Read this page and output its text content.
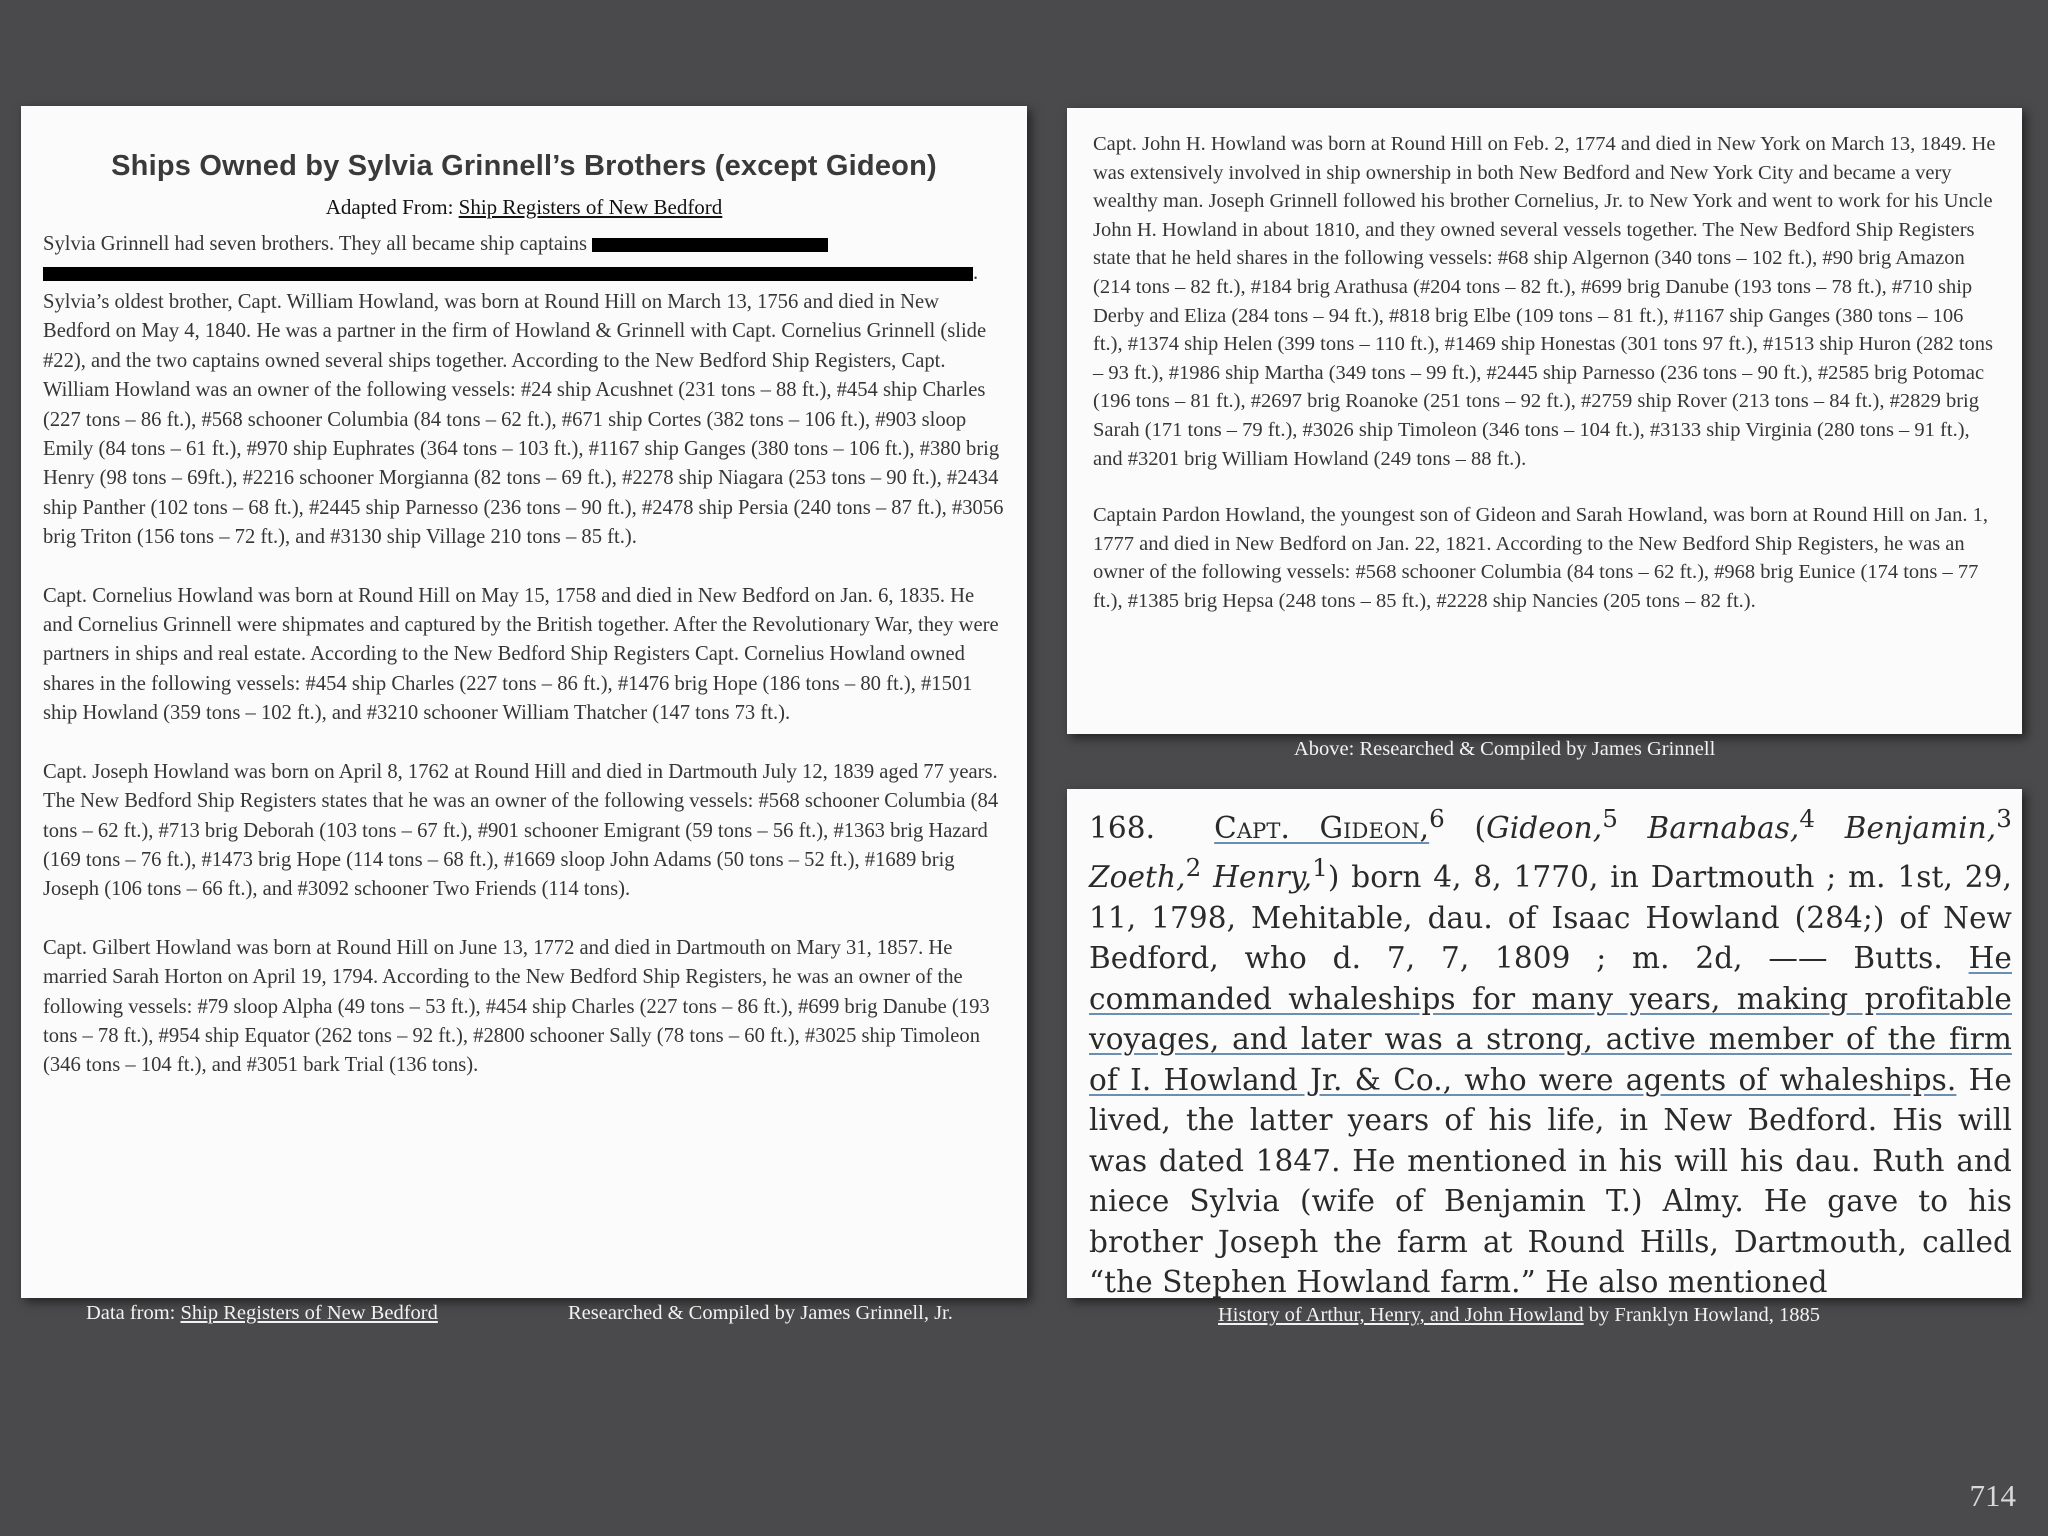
Ships Owned by Sylvia Grinnell’s Brothers (except Gideon)
Adapted From: Ship Registers of New Bedford
Sylvia Grinnell had seven brothers. They all became ship captains
.
Sylvia’s oldest brother, Capt. William Howland, was born at Round Hill on March 13, 1756 and died in New Bedford on May 4, 1840. He was a partner in the firm of Howland & Grinnell with Capt. Cornelius Grinnell (slide #22), and the two captains owned several ships together. According to the New Bedford Ship Registers, Capt. William Howland was an owner of the following vessels: #24 ship Acushnet (231 tons – 88 ft.), #454 ship Charles (227 tons – 86 ft.), #568 schooner Columbia (84 tons – 62 ft.), #671 ship Cortes (382 tons – 106 ft.), #903 sloop Emily (84 tons – 61 ft.), #970 ship Euphrates (364 tons – 103 ft.), #1167 ship Ganges (380 tons – 106 ft.), #380 brig Henry (98 tons – 69ft.), #2216 schooner Morgianna (82 tons – 69 ft.), #2278 ship Niagara (253 tons – 90 ft.), #2434 ship Panther (102 tons – 68 ft.), #2445 ship Parnesso (236 tons – 90 ft.), #2478 ship Persia (240 tons – 87 ft.), #3056 brig Triton (156 tons – 72 ft.), and #3130 ship Village 210 tons – 85 ft.).
Capt. Cornelius Howland was born at Round Hill on May 15, 1758 and died in New Bedford on Jan. 6, 1835. He and Cornelius Grinnell were shipmates and captured by the British together. After the Revolutionary War, they were partners in ships and real estate. According to the New Bedford Ship Registers Capt. Cornelius Howland owned shares in the following vessels: #454 ship Charles (227 tons – 86 ft.), #1476 brig Hope (186 tons – 80 ft.), #1501 ship Howland (359 tons – 102 ft.), and #3210 schooner William Thatcher (147 tons 73 ft.).
Capt. Joseph Howland was born on April 8, 1762 at Round Hill and died in Dartmouth July 12, 1839 aged 77 years. The New Bedford Ship Registers states that he was an owner of the following vessels: #568 schooner Columbia (84 tons – 62 ft.), #713 brig Deborah (103 tons – 67 ft.), #901 schooner Emigrant (59 tons – 56 ft.), #1363 brig Hazard (169 tons – 76 ft.), #1473 brig Hope (114 tons – 68 ft.), #1669 sloop John Adams (50 tons – 52 ft.), #1689 brig Joseph (106 tons – 66 ft.), and #3092 schooner Two Friends (114 tons).
Capt. Gilbert Howland was born at Round Hill on June 13, 1772 and died in Dartmouth on Mary 31, 1857. He married Sarah Horton on April 19, 1794. According to the New Bedford Ship Registers, he was an owner of the following vessels: #79 sloop Alpha (49 tons – 53 ft.), #454 ship Charles (227 tons – 86 ft.), #699 brig Danube (193 tons – 78 ft.), #954 ship Equator (262 tons – 92 ft.), #2800 schooner Sally (78 tons – 60 ft.), #3025 ship Timoleon (346 tons – 104 ft.), and #3051 bark Trial (136 tons).
Capt. John H. Howland was born at Round Hill on Feb. 2, 1774 and died in New York on March 13, 1849. He was extensively involved in ship ownership in both New Bedford and New York City and became a very wealthy man. Joseph Grinnell followed his brother Cornelius, Jr. to New York and went to work for his Uncle John H. Howland in about 1810, and they owned several vessels together. The New Bedford Ship Registers state that he held shares in the following vessels: #68 ship Algernon (340 tons – 102 ft.), #90 brig Amazon (214 tons – 82 ft.), #184 brig Arathusa (#204 tons – 82 ft.), #699 brig Danube (193 tons – 78 ft.), #710 ship Derby and Eliza (284 tons – 94 ft.), #818 brig Elbe (109 tons – 81 ft.), #1167 ship Ganges (380 tons – 106 ft.), #1374 ship Helen (399 tons – 110 ft.), #1469 ship Honestas (301 tons 97 ft.), #1513 ship Huron (282 tons – 93 ft.), #1986 ship Martha (349 tons – 99 ft.), #2445 ship Parnesso (236 tons – 90 ft.), #2585 brig Potomac (196 tons – 81 ft.), #2697 brig Roanoke (251 tons – 92 ft.), #2759 ship Rover (213 tons – 84 ft.), #2829 brig Sarah (171 tons – 79 ft.), #3026 ship Timoleon (346 tons – 104 ft.), #3133 ship Virginia (280 tons – 91 ft.), and #3201 brig William Howland (249 tons – 88 ft.).
Captain Pardon Howland, the youngest son of Gideon and Sarah Howland, was born at Round Hill on Jan. 1, 1777 and died in New Bedford on Jan. 22, 1821. According to the New Bedford Ship Registers, he was an owner of the following vessels: #568 schooner Columbia (84 tons – 62 ft.), #968 brig Eunice (174 tons – 77 ft.), #1385 brig Hepsa (248 tons – 85 ft.), #2228 ship Nancies (205 tons – 82 ft.).
168. Capt. Gideon,$^6$ (Gideon,$^5$ Barnabas,$^4$ Benjamin,$^3$ Zoeth,$^2$ Henry,$^1$) born 4, 8, 1770, in Dartmouth ; m. 1st, 29, 11, 1798, Mehitable, dau. of Isaac Howland (284;) of New Bedford, who d. 7, 7, 1809 ; m. 2d, —— Butts. He commanded whaleships for many years, making profitable voyages, and later was a strong, active member of the firm of I. Howland Jr. & Co., who were agents of whaleships. He lived, the latter years of his life, in New Bedford. His will was dated 1847. He mentioned in his will his dau. Ruth and niece Sylvia (wife of Benjamin T.) Almy. He gave to his brother Joseph the farm at Round Hills, Dartmouth, called “the Stephen Howland farm.” He also mentioned
Above: Researched & Compiled by James Grinnell
Data from: Ship Registers of New Bedford	Researched & Compiled by James Grinnell, Jr.	History of Arthur, Henry, and John Howland by Franklyn Howland, 1885
714
